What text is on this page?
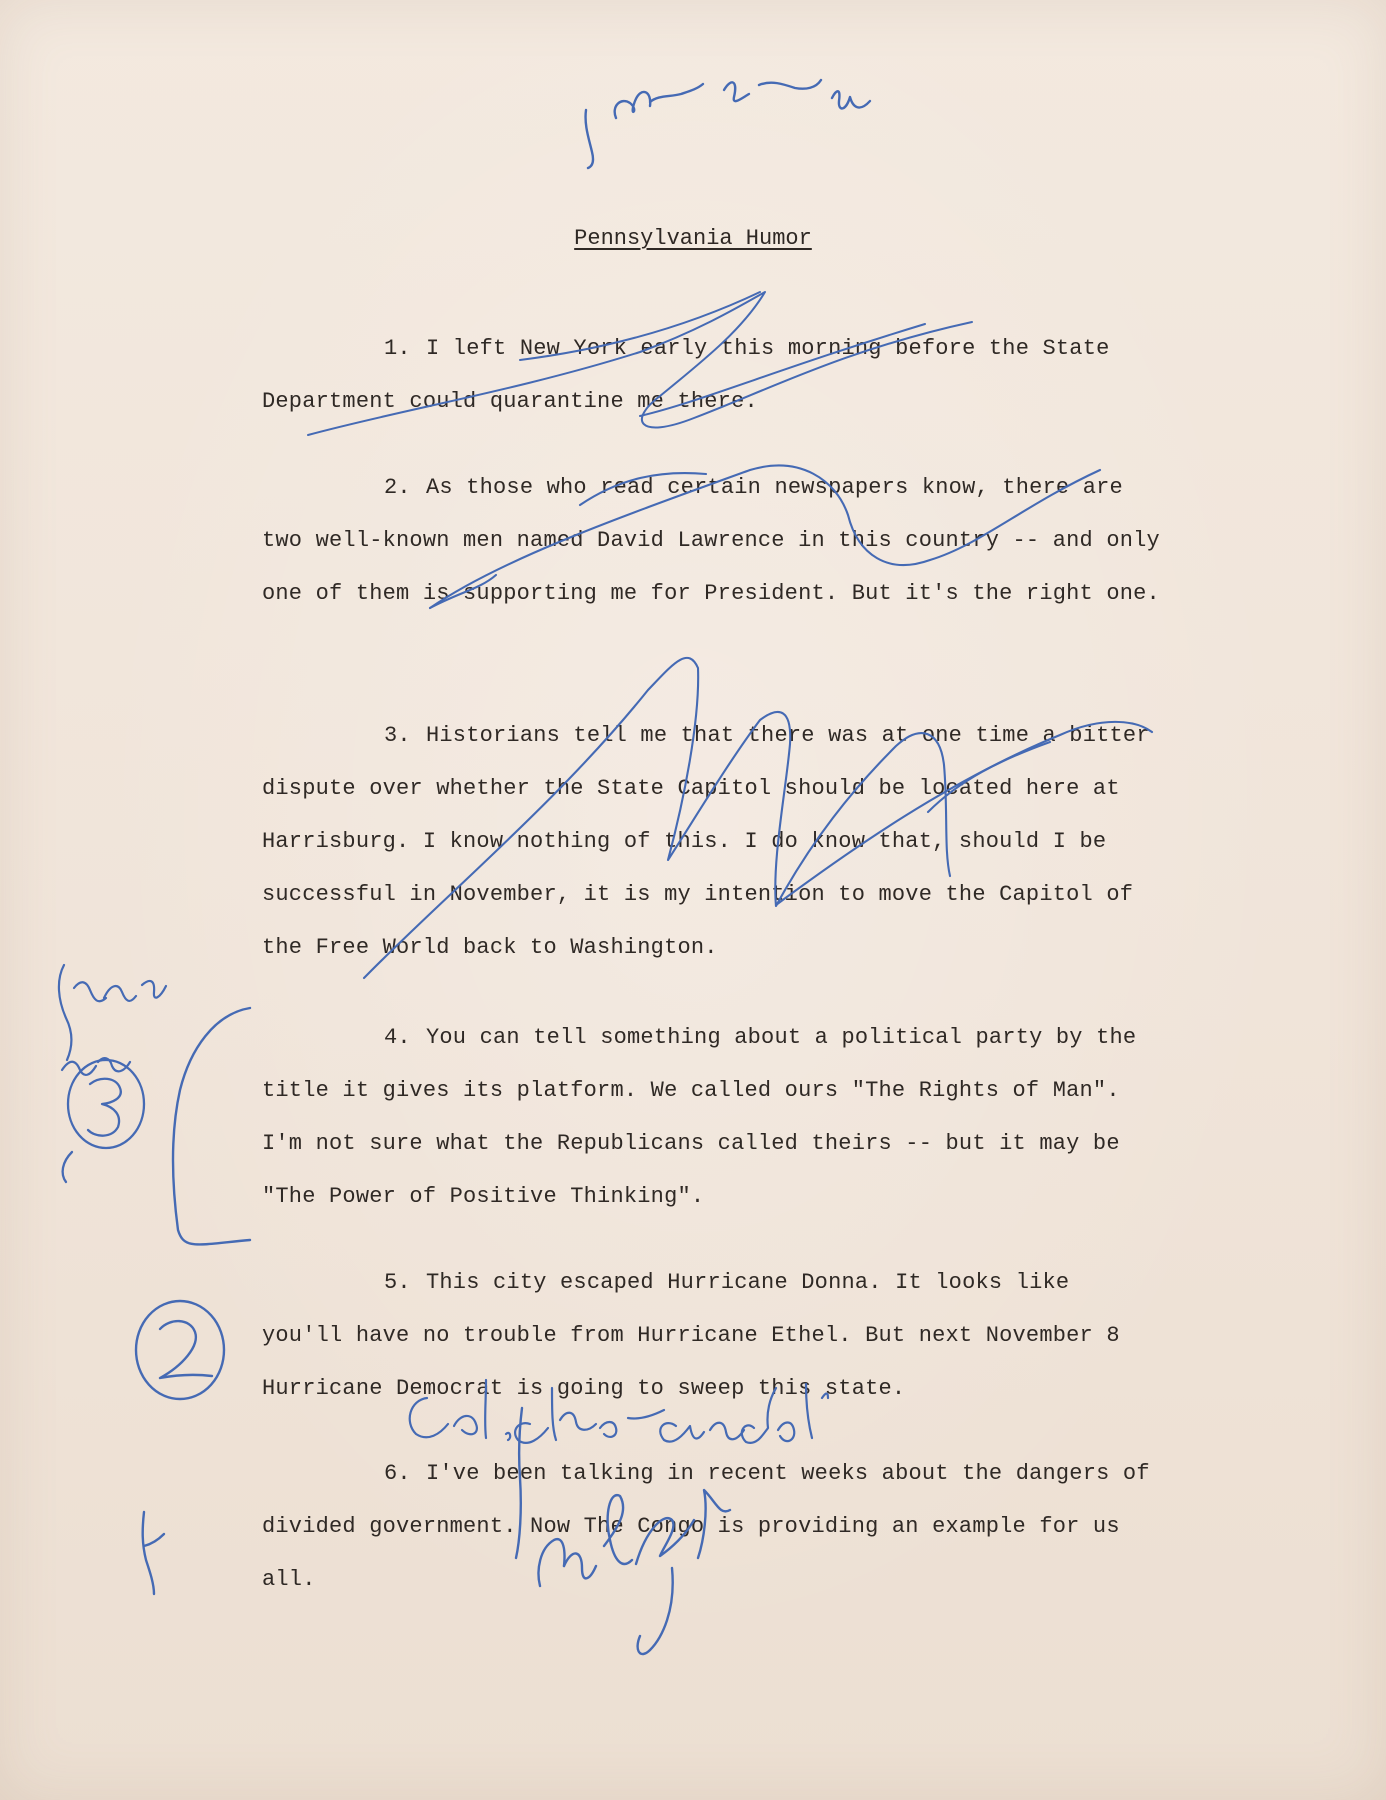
Pennsylvania Humor

1. I left New York early this morning before the State Department could quarantine me there.

2. As those who read certain newspapers know, there are two well-known men named David Lawrence in this country -- and only one of them is supporting me for President. But it's the right one.

3. Historians tell me that there was at one time a bitter dispute over whether the State Capitol should be located here at Harrisburg. I know nothing of this. I do know that, should I be successful in November, it is my intention to move the Capitol of the Free World back to Washington.

4. You can tell something about a political party by the title it gives its platform. We called ours "The Rights of Man". I'm not sure what the Republicans called theirs -- but it may be "The Power of Positive Thinking".

5. This city escaped Hurricane Donna. It looks like you'll have no trouble from Hurricane Ethel. But next November 8 Hurricane Democrat is going to sweep this state.

6. I've been talking in recent weeks about the dangers of divided government. Now The Congo is providing an example for us all.
